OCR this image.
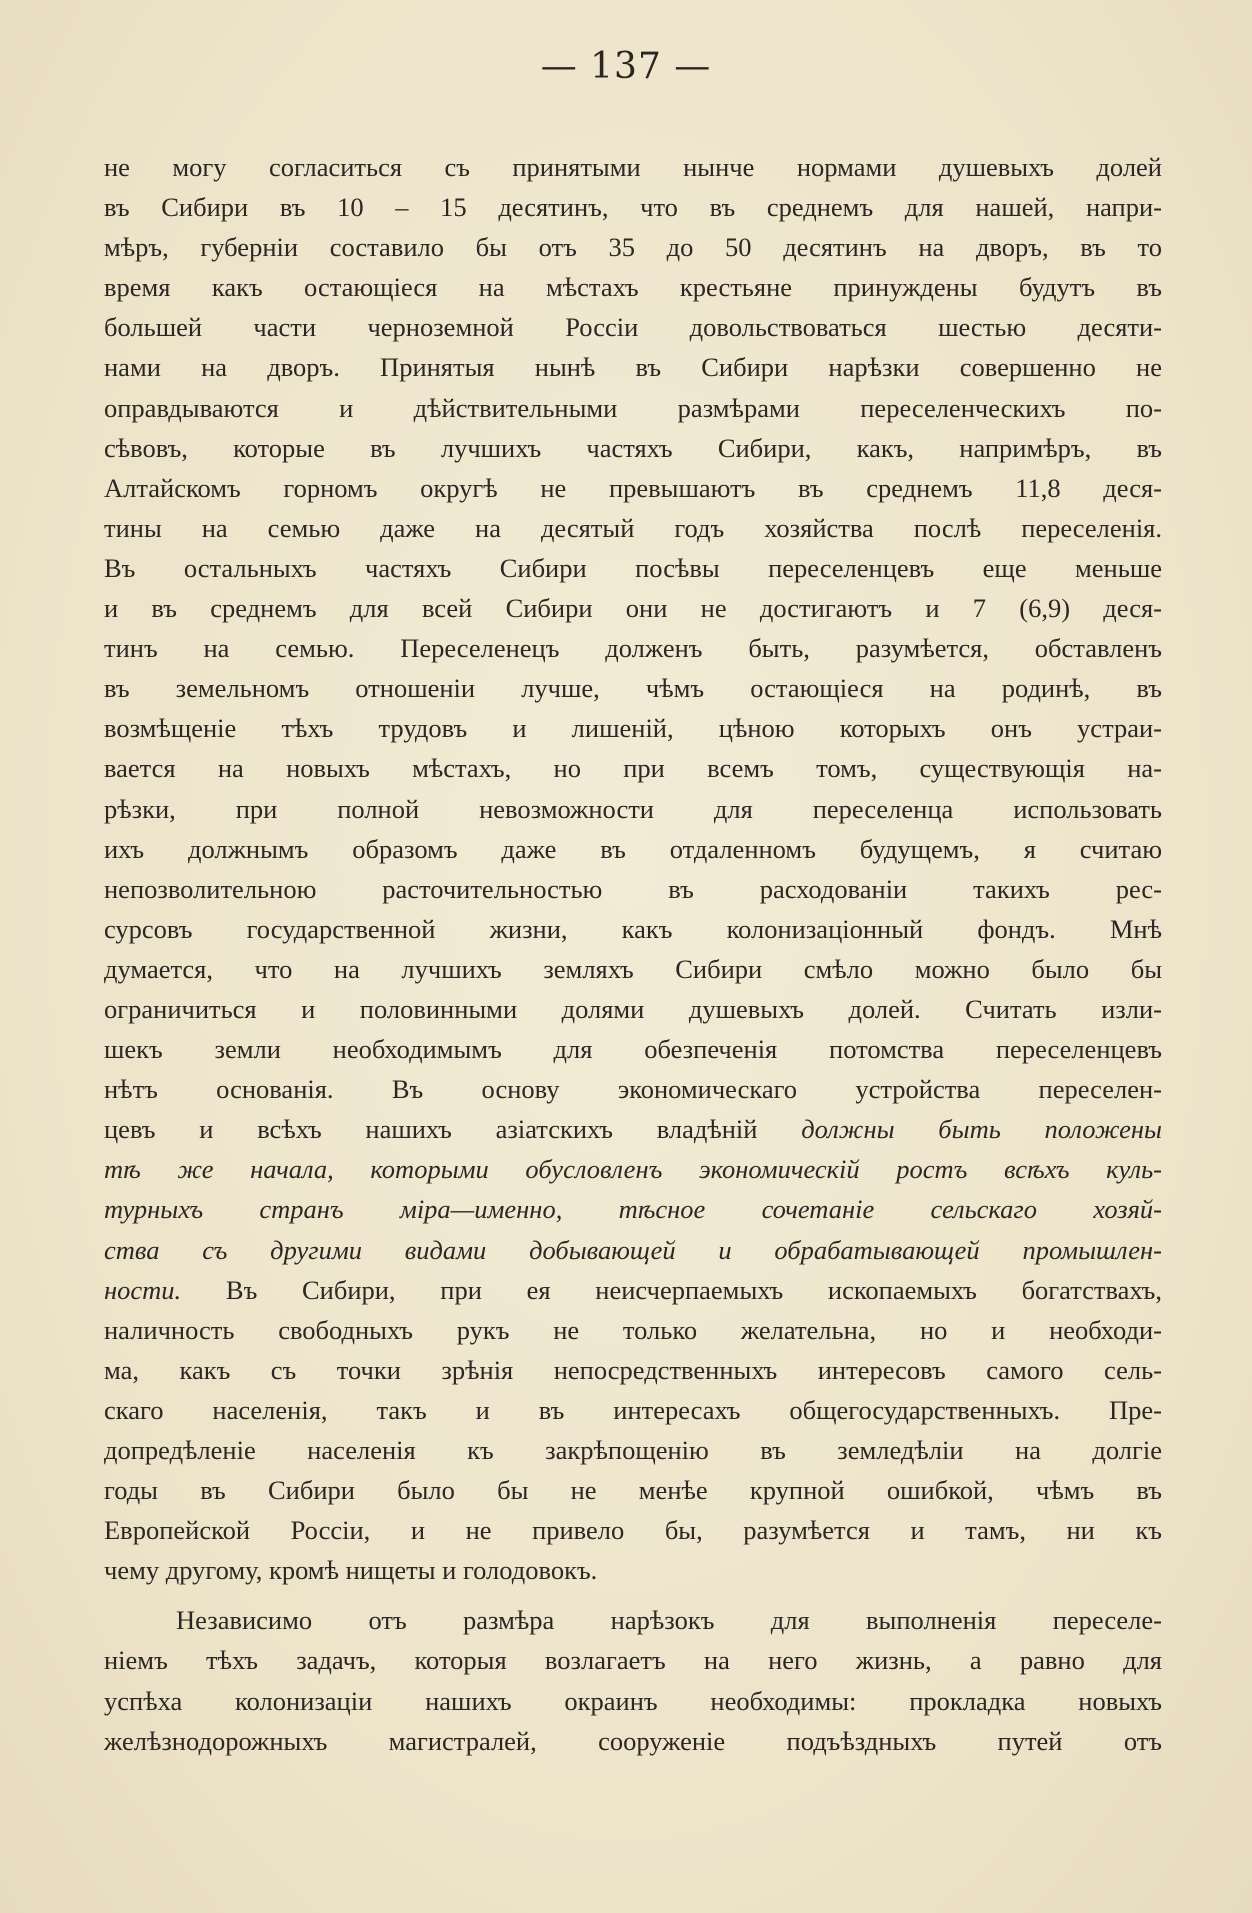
— 137 —
не могу согласиться съ принятыми нынче нормами душевыхъ долей
въ Сибири въ 10 – 15 десятинъ, что въ среднемъ для нашей, напри-
мѣръ, губерніи составило бы отъ 35 до 50 десятинъ на дворъ, въ то
время какъ остающіеся на мѣстахъ крестьяне принуждены будутъ въ
большей части черноземной Россіи довольствоваться шестью десяти-
нами на дворъ. Принятыя нынѣ въ Сибири нарѣзки совершенно не
оправдываются и дѣйствительными размѣрами переселенческихъ по-
сѣвовъ, которые въ лучшихъ частяхъ Сибири, какъ, напримѣръ, въ
Алтайскомъ горномъ округѣ не превышаютъ въ среднемъ 11,8 деся-
тины на семью даже на десятый годъ хозяйства послѣ переселенія.
Въ остальныхъ частяхъ Сибири посѣвы переселенцевъ еще меньше
и въ среднемъ для всей Сибири они не достигаютъ и 7 (6,9) деся-
тинъ на семью. Переселенецъ долженъ быть, разумѣется, обставленъ
въ земельномъ отношеніи лучше, чѣмъ остающіеся на родинѣ, въ
возмѣщеніе тѣхъ трудовъ и лишеній, цѣною которыхъ онъ устраи-
вается на новыхъ мѣстахъ, но при всемъ томъ, существующія на-
рѣзки, при полной невозможности для переселенца использовать
ихъ должнымъ образомъ даже въ отдаленномъ будущемъ, я считаю
непозволительною расточительностью въ расходованіи такихъ рес-
сурсовъ государственной жизни, какъ колонизаціонный фондъ. Мнѣ
думается, что на лучшихъ земляхъ Сибири смѣло можно было бы
ограничиться и половинными долями душевыхъ долей. Считать изли-
шекъ земли необходимымъ для обезпеченія потомства переселенцевъ
нѣтъ основанія. Въ основу экономическаго устройства переселен-
цевъ и всѣхъ нашихъ азіатскихъ владѣній должны быть положены
тѣ же начала, которыми обусловленъ экономическій ростъ всѣхъ куль-
турныхъ странъ міра—именно, тѣсное сочетаніе сельскаго хозяй-
ства съ другими видами добывающей и обрабатывающей промышлен-
ности. Въ Сибири, при ея неисчерпаемыхъ ископаемыхъ богатствахъ,
наличность свободныхъ рукъ не только желательна, но и необходи-
ма, какъ съ точки зрѣнія непосредственныхъ интересовъ самого сель-
скаго населенія, такъ и въ интересахъ общегосударственныхъ. Пре-
допредѣленіе населенія къ закрѣпощенію въ земледѣліи на долгіе
годы въ Сибири было бы не менѣе крупной ошибкой, чѣмъ въ
Европейской Россіи, и не привело бы, разумѣется и тамъ, ни къ
чему другому, кромѣ нищеты и голодовокъ.
Независимо отъ размѣра нарѣзокъ для выполненія переселе-
ніемъ тѣхъ задачъ, которыя возлагаетъ на него жизнь, а равно для
успѣха колонизаціи нашихъ окраинъ необходимы: прокладка новыхъ
желѣзнодорожныхъ магистралей, сооруженіе подъѣздныхъ путей отъ
